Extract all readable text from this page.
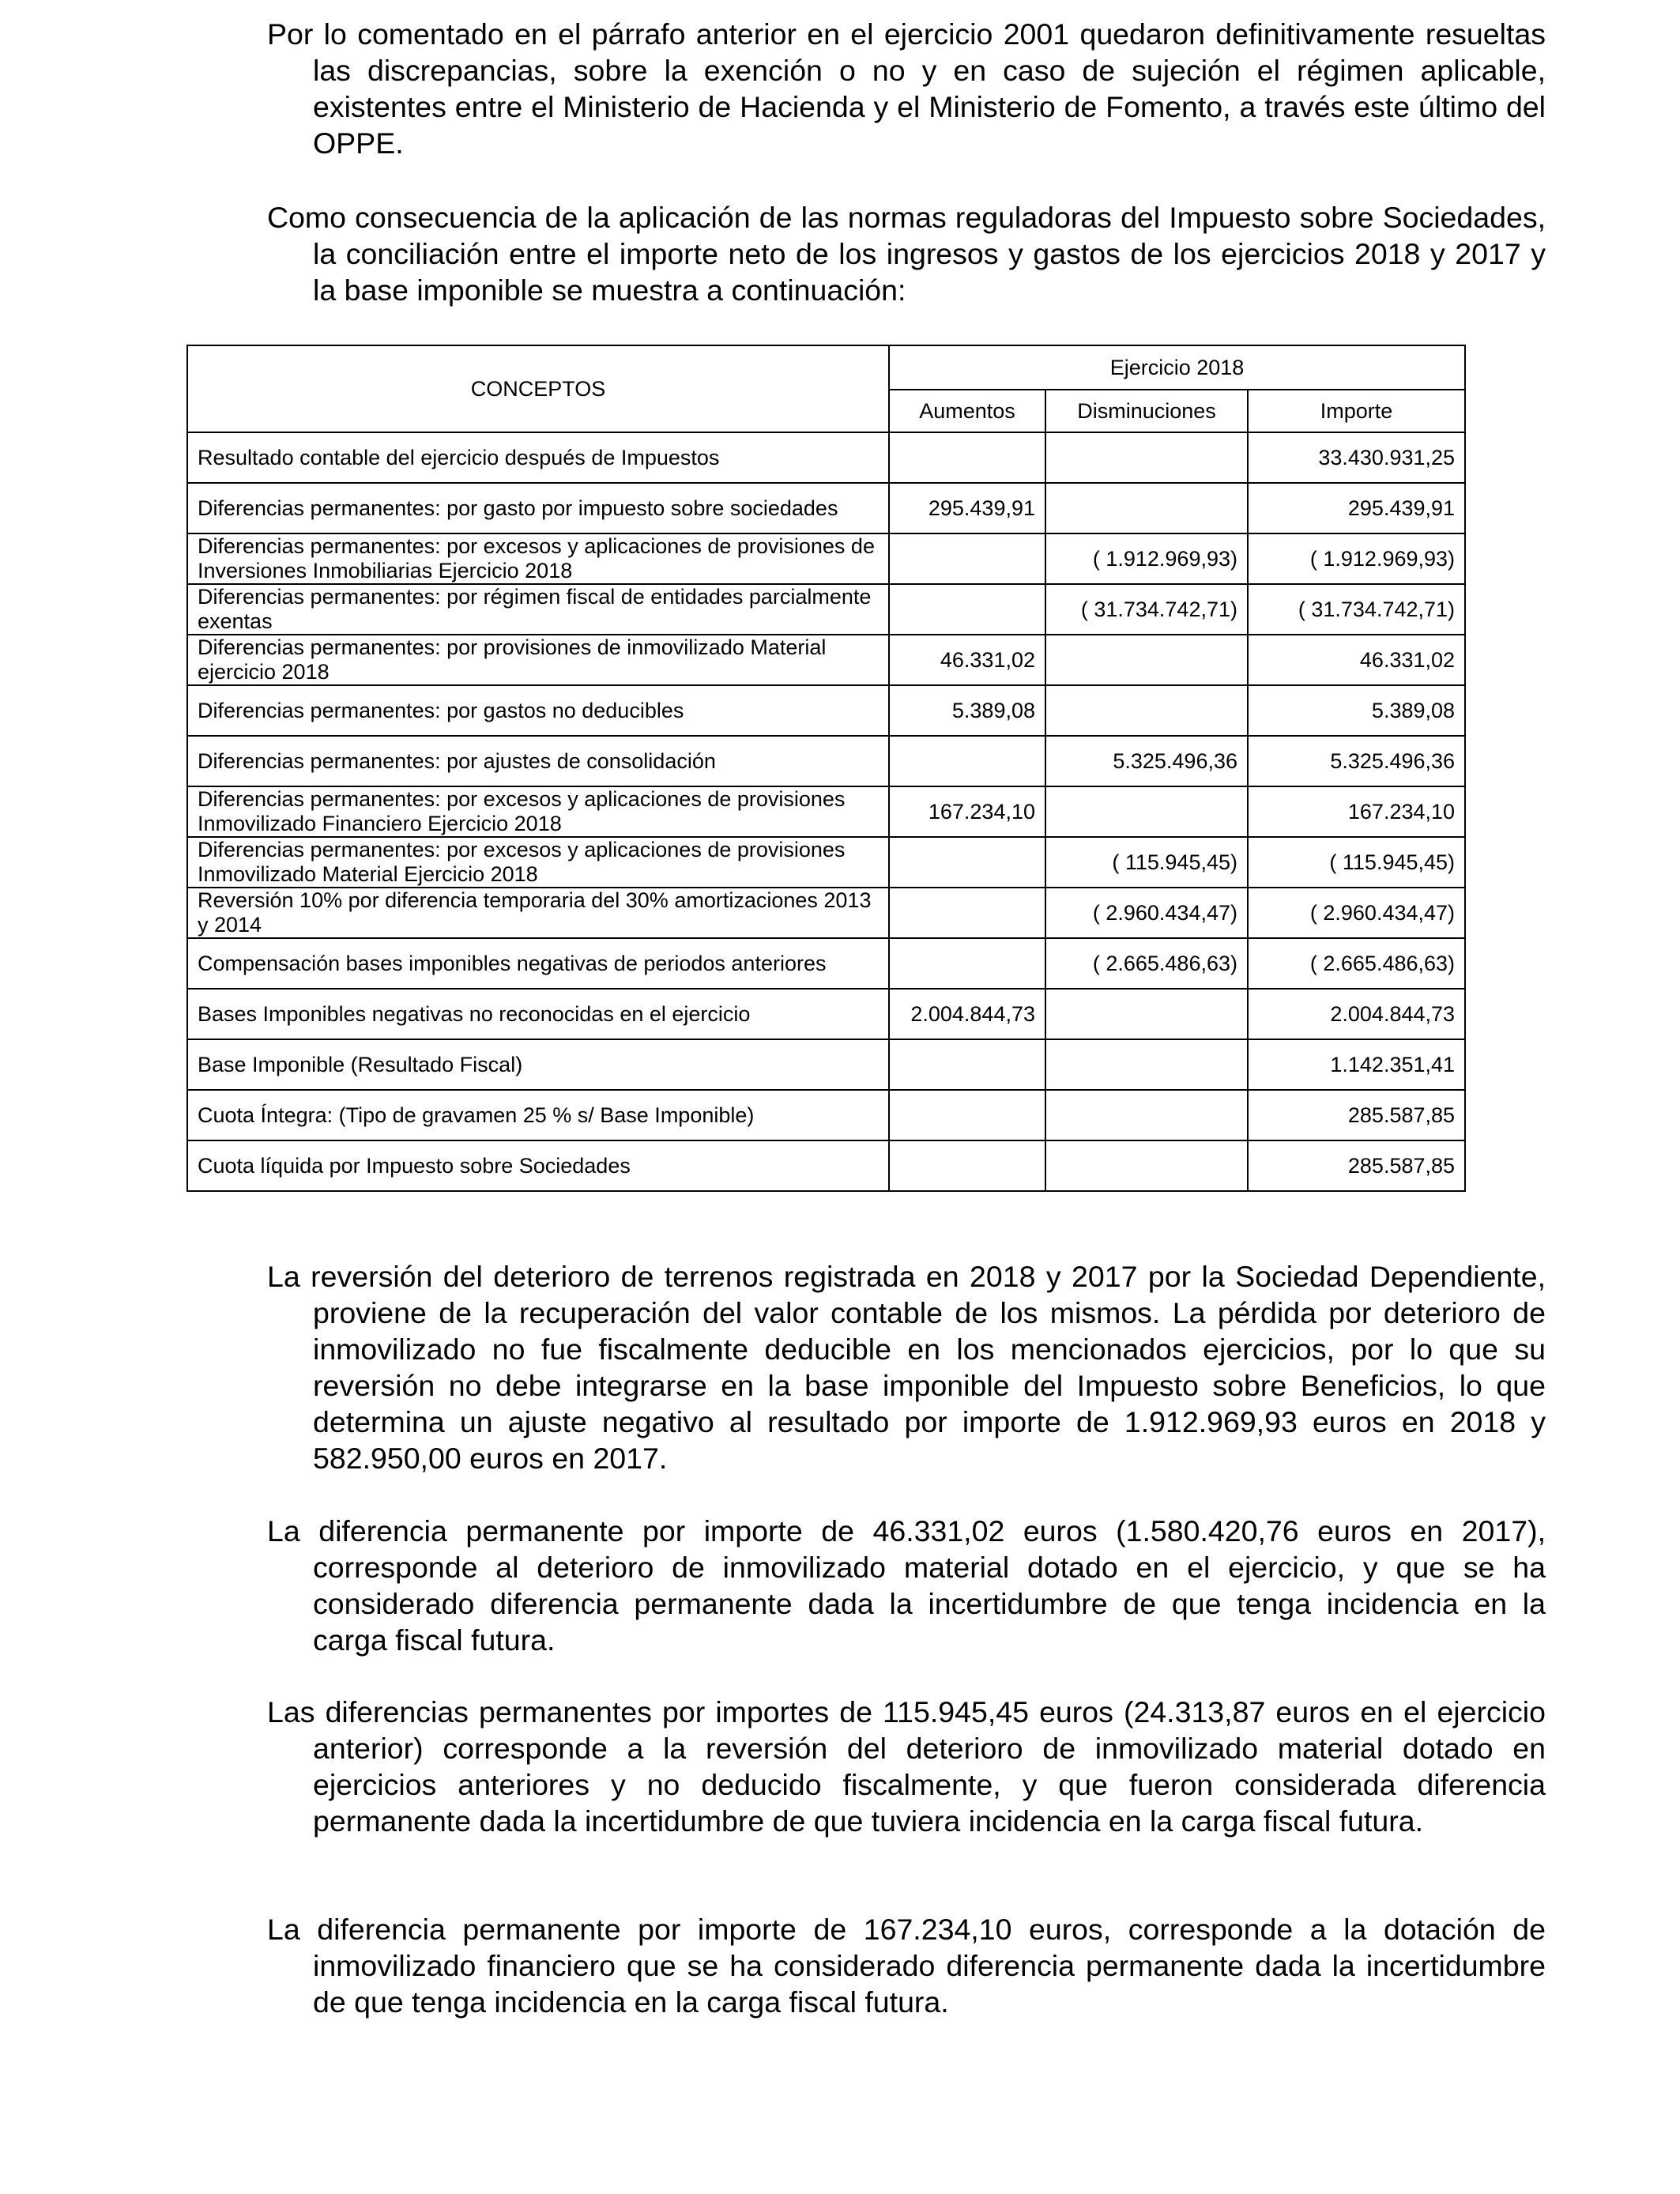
Por lo comentado en el párrafo anterior en el ejercicio 2001 quedaron definitivamente resueltas las discrepancias, sobre la exención o no y en caso de sujeción el régimen aplicable, existentes entre el Ministerio de Hacienda y el Ministerio de Fomento, a través este último del OPPE.

Como consecuencia de la aplicación de las normas reguladoras del Impuesto sobre Sociedades, la conciliación entre el importe neto de los ingresos y gastos de los ejercicios 2018 y 2017 y la base imponible se muestra a continuación:

CONCEPTOS	Ejercicio 2018		
	Aumentos	Disminuciones	Importe
Resultado contable del ejercicio después de Impuestos			33.430.931,25
Diferencias permanentes: por gasto por impuesto sobre sociedades	295.439,91		295.439,91
Diferencias permanentes: por excesos y aplicaciones de provisiones de Inversiones Inmobiliarias Ejercicio 2018		( 1.912.969,93)	( 1.912.969,93)
Diferencias permanentes: por régimen fiscal de entidades parcialmente exentas		( 31.734.742,71)	( 31.734.742,71)
Diferencias permanentes: por provisiones de inmovilizado Material ejercicio 2018	46.331,02		46.331,02
Diferencias permanentes: por gastos no deducibles	5.389,08		5.389,08
Diferencias permanentes: por ajustes de consolidación		5.325.496,36	5.325.496,36
Diferencias permanentes: por excesos y aplicaciones de provisiones Inmovilizado Financiero Ejercicio 2018	167.234,10		167.234,10
Diferencias permanentes: por excesos y aplicaciones de provisiones Inmovilizado Material Ejercicio 2018		( 115.945,45)	( 115.945,45)
Reversión 10% por diferencia temporaria del 30% amortizaciones 2013 y 2014		( 2.960.434,47)	( 2.960.434,47)
Compensación bases imponibles negativas de periodos anteriores		( 2.665.486,63)	( 2.665.486,63)
Bases Imponibles negativas no reconocidas en el ejercicio	2.004.844,73		2.004.844,73
Base Imponible (Resultado Fiscal)			1.142.351,41
Cuota Íntegra: (Tipo de gravamen 25 % s/ Base Imponible)			285.587,85
Cuota líquida por Impuesto sobre Sociedades			285.587,85

La reversión del deterioro de terrenos registrada en 2018 y 2017 por la Sociedad Dependiente, proviene de la recuperación del valor contable de los mismos. La pérdida por deterioro de inmovilizado no fue fiscalmente deducible en los mencionados ejercicios, por lo que su reversión no debe integrarse en la base imponible del Impuesto sobre Beneficios, lo que determina un ajuste negativo al resultado por importe de 1.912.969,93 euros en 2018 y 582.950,00 euros en 2017.

La diferencia permanente por importe de 46.331,02 euros (1.580.420,76 euros en 2017), corresponde al deterioro de inmovilizado material dotado en el ejercicio, y que se ha considerado diferencia permanente dada la incertidumbre de que tenga incidencia en la carga fiscal futura.

Las diferencias permanentes por importes de 115.945,45 euros (24.313,87 euros en el ejercicio anterior) corresponde a la reversión del deterioro de inmovilizado material dotado en ejercicios anteriores y no deducido fiscalmente, y que fueron considerada diferencia permanente dada la incertidumbre de que tuviera incidencia en la carga fiscal futura.

La diferencia permanente por importe de 167.234,10 euros, corresponde a la dotación de inmovilizado financiero que se ha considerado diferencia permanente dada la incertidumbre de que tenga incidencia en la carga fiscal futura.
